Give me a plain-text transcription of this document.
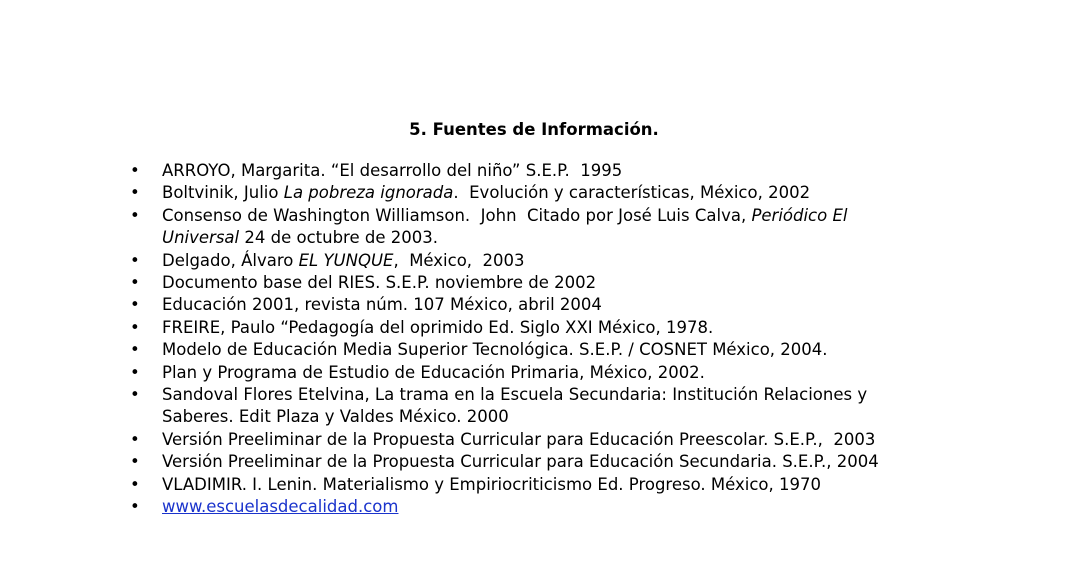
5. Fuentes de Información.
• ARROYO, Margarita. “El desarrollo del niño” S.E.P.  1995
• Boltvinik, Julio La pobreza ignorada.  Evolución y características, México, 2002
• Consenso de Washington Williamson.  John  Citado por José Luis Calva, Periódico El Universal 24 de octubre de 2003.
• Delgado, Álvaro EL YUNQUE,  México,  2003
• Documento base del RIES. S.E.P. noviembre de 2002
• Educación 2001, revista núm. 107 México, abril 2004
• FREIRE, Paulo “Pedagogía del oprimido Ed. Siglo XXI México, 1978.
• Modelo de Educación Media Superior Tecnológica. S.E.P. / COSNET México, 2004.
• Plan y Programa de Estudio de Educación Primaria, México, 2002.
• Sandoval Flores Etelvina, La trama en la Escuela Secundaria: Institución Relaciones y Saberes. Edit Plaza y Valdes México. 2000
• Versión Preeliminar de la Propuesta Curricular para Educación Preescolar. S.E.P.,  2003
• Versión Preeliminar de la Propuesta Curricular para Educación Secundaria. S.E.P., 2004
• VLADIMIR. I. Lenin. Materialismo y Empiriocriticismo Ed. Progreso. México, 1970
• www.escuelasdecalidad.com
